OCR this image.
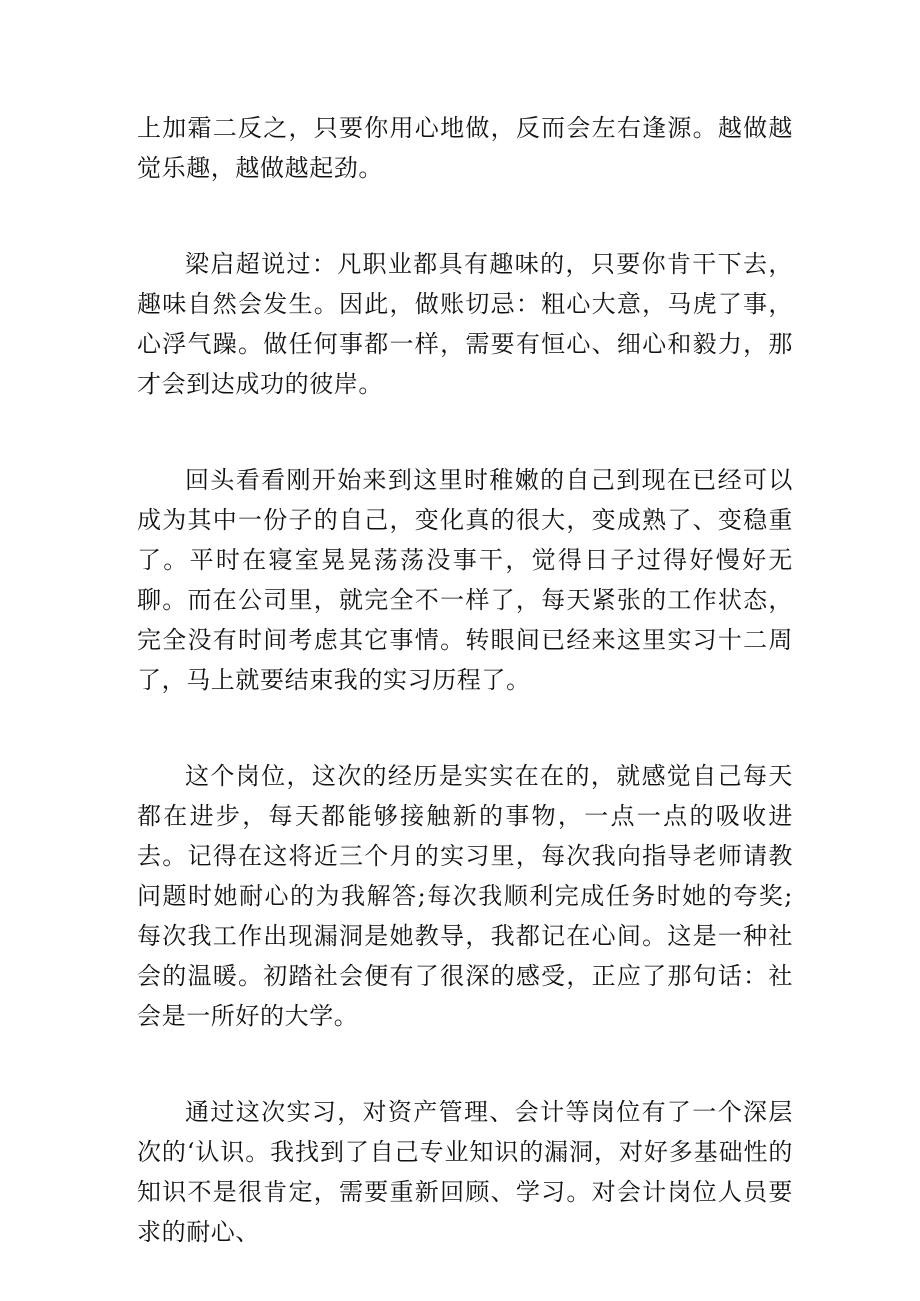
上加霜二反之，只要你用心地做，反而会左右逢源。越做越觉乐趣，越做越起劲。

梁启超说过：凡职业都具有趣味的，只要你肯干下去，趣味自然会发生。因此，做账切忌：粗心大意，马虎了事，心浮气躁。做任何事都一样，需要有恒心、细心和毅力，那才会到达成功的彼岸。

回头看看刚开始来到这里时稚嫩的自己到现在已经可以成为其中一份子的自己，变化真的很大，变成熟了、变稳重了。平时在寝室晃晃荡荡没事干，觉得日子过得好慢好无聊。而在公司里，就完全不一样了，每天紧张的工作状态，完全没有时间考虑其它事情。转眼间已经来这里实习十二周了，马上就要结束我的实习历程了。

这个岗位，这次的经历是实实在在的，就感觉自己每天都在进步，每天都能够接触新的事物，一点一点的吸收进去。记得在这将近三个月的实习里，每次我向指导老师请教问题时她耐心的为我解答;每次我顺利完成任务时她的夸奖;每次我工作出现漏洞是她教导，我都记在心间。这是一种社会的温暖。初踏社会便有了很深的感受，正应了那句话：社会是一所好的大学。

通过这次实习，对资产管理、会计等岗位有了一个深层次的‘认识。我找到了自己专业知识的漏洞，对好多基础性的知识不是很肯定，需要重新回顾、学习。对会计岗位人员要求的耐心、
